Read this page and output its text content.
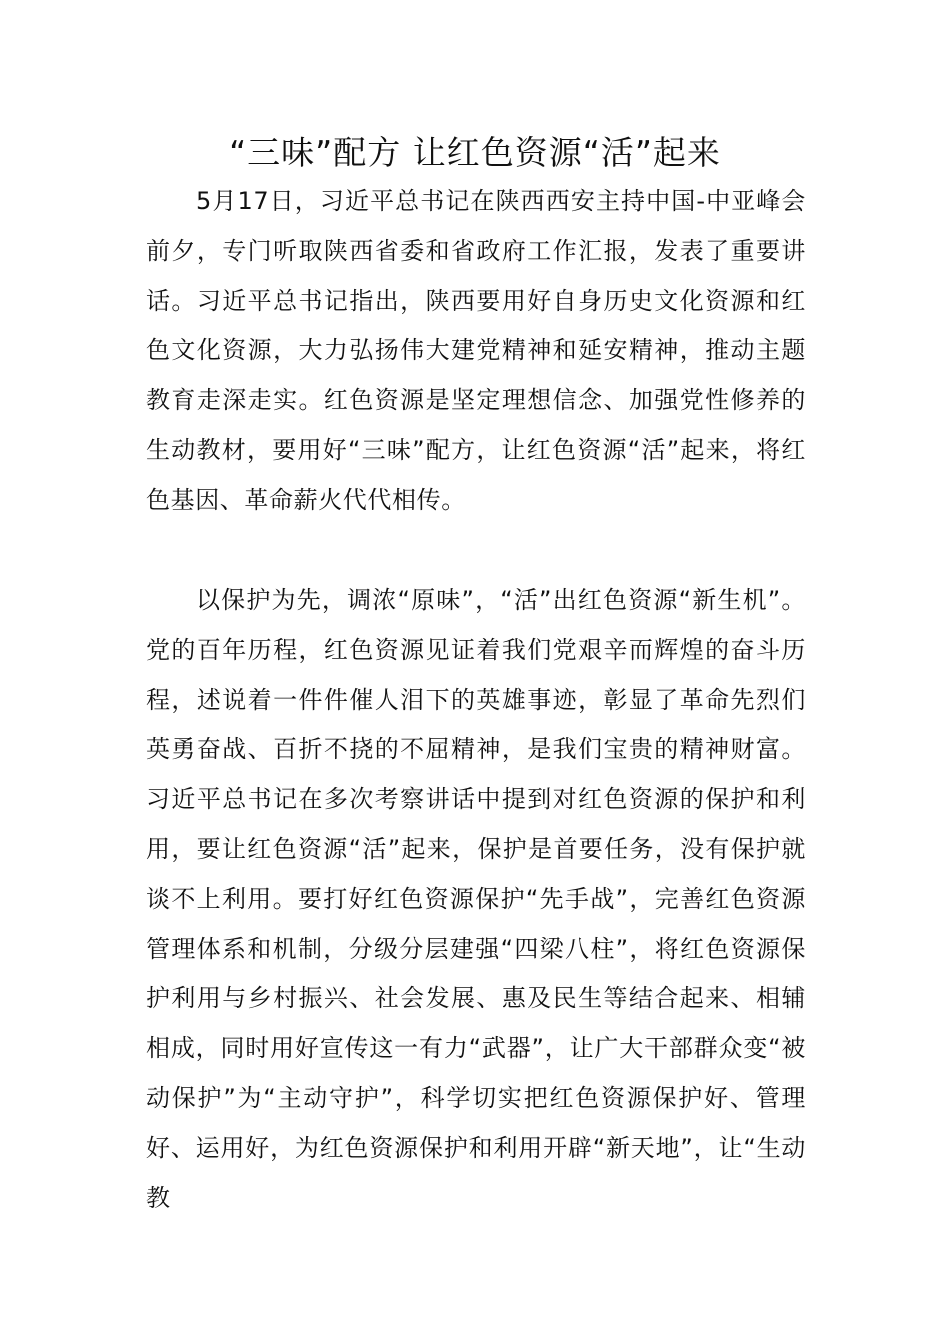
“三味”配方 让红色资源“活”起来

5月17日，习近平总书记在陕西西安主持中国-中亚峰会前夕，专门听取陕西省委和省政府工作汇报，发表了重要讲话。习近平总书记指出，陕西要用好自身历史文化资源和红色文化资源，大力弘扬伟大建党精神和延安精神，推动主题教育走深走实。红色资源是坚定理想信念、加强党性修养的生动教材，要用好“三味”配方，让红色资源“活”起来，将红色基因、革命薪火代代相传。

以保护为先，调浓“原味”，“活”出红色资源“新生机”。党的百年历程，红色资源见证着我们党艰辛而辉煌的奋斗历程，述说着一件件催人泪下的英雄事迹，彰显了革命先烈们英勇奋战、百折不挠的不屈精神，是我们宝贵的精神财富。习近平总书记在多次考察讲话中提到对红色资源的保护和利用，要让红色资源“活”起来，保护是首要任务，没有保护就谈不上利用。要打好红色资源保护“先手战”，完善红色资源管理体系和机制，分级分层建强“四梁八柱”，将红色资源保护利用与乡村振兴、社会发展、惠及民生等结合起来、相辅相成，同时用好宣传这一有力“武器”，让广大干部群众变“被动保护”为“主动守护”，科学切实把红色资源保护好、管理好、运用好，为红色资源保护和利用开辟“新天地”，让“生动教
